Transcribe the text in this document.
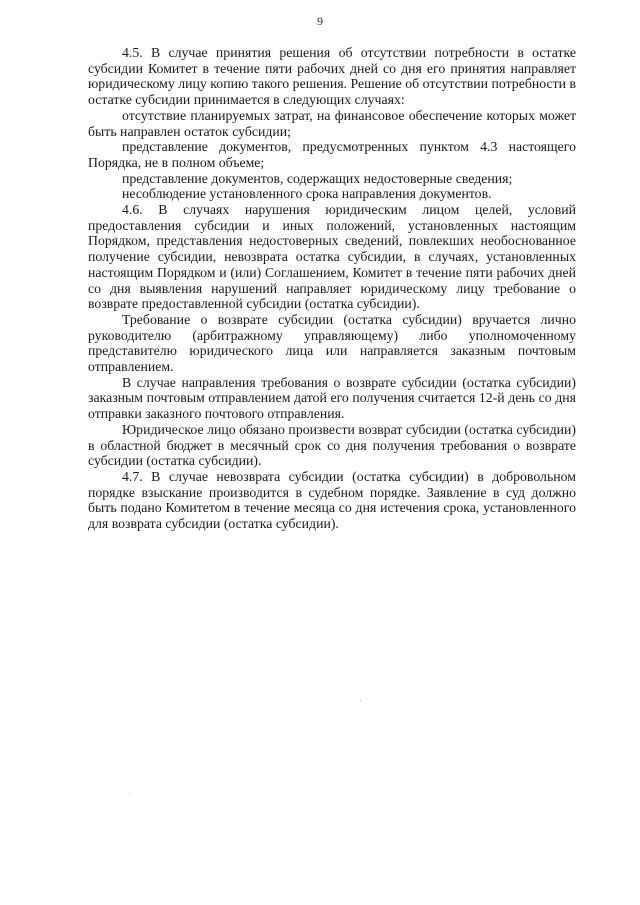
9

4.5. В случае принятия решения об отсутствии потребности в остатке субсидии Комитет в течение пяти рабочих дней со дня его принятия направляет юридическому лицу копию такого решения. Решение об отсутствии потребности в остатке субсидии принимается в следующих случаях:

отсутствие планируемых затрат, на финансовое обеспечение которых может быть направлен остаток субсидии;

представление документов, предусмотренных пунктом 4.3 настоящего Порядка, не в полном объеме;

представление документов, содержащих недостоверные сведения;

несоблюдение установленного срока направления документов.

4.6. В случаях нарушения юридическим лицом целей, условий предоставления субсидии и иных положений, установленных настоящим Порядком, представления недостоверных сведений, повлекших необоснованное получение субсидии, невозврата остатка субсидии, в случаях, установленных настоящим Порядком и (или) Соглашением, Комитет в течение пяти рабочих дней со дня выявления нарушений направляет юридическому лицу требование о возврате предоставленной субсидии (остатка субсидии).

Требование о возврате субсидии (остатка субсидии) вручается лично руководителю (арбитражному управляющему) либо уполномоченному представителю юридического лица или направляется заказным почтовым отправлением.

В случае направления требования о возврате субсидии (остатка субсидии) заказным почтовым отправлением датой его получения считается 12-й день со дня отправки заказного почтового отправления.

Юридическое лицо обязано произвести возврат субсидии (остатка субсидии) в областной бюджет в месячный срок со дня получения требования о возврате субсидии (остатка субсидии).

4.7. В случае невозврата субсидии (остатка субсидии) в добровольном порядке взыскание производится в судебном порядке. Заявление в суд должно быть подано Комитетом в течение месяца со дня истечения срока, установленного для возврата субсидии (остатка субсидии).
